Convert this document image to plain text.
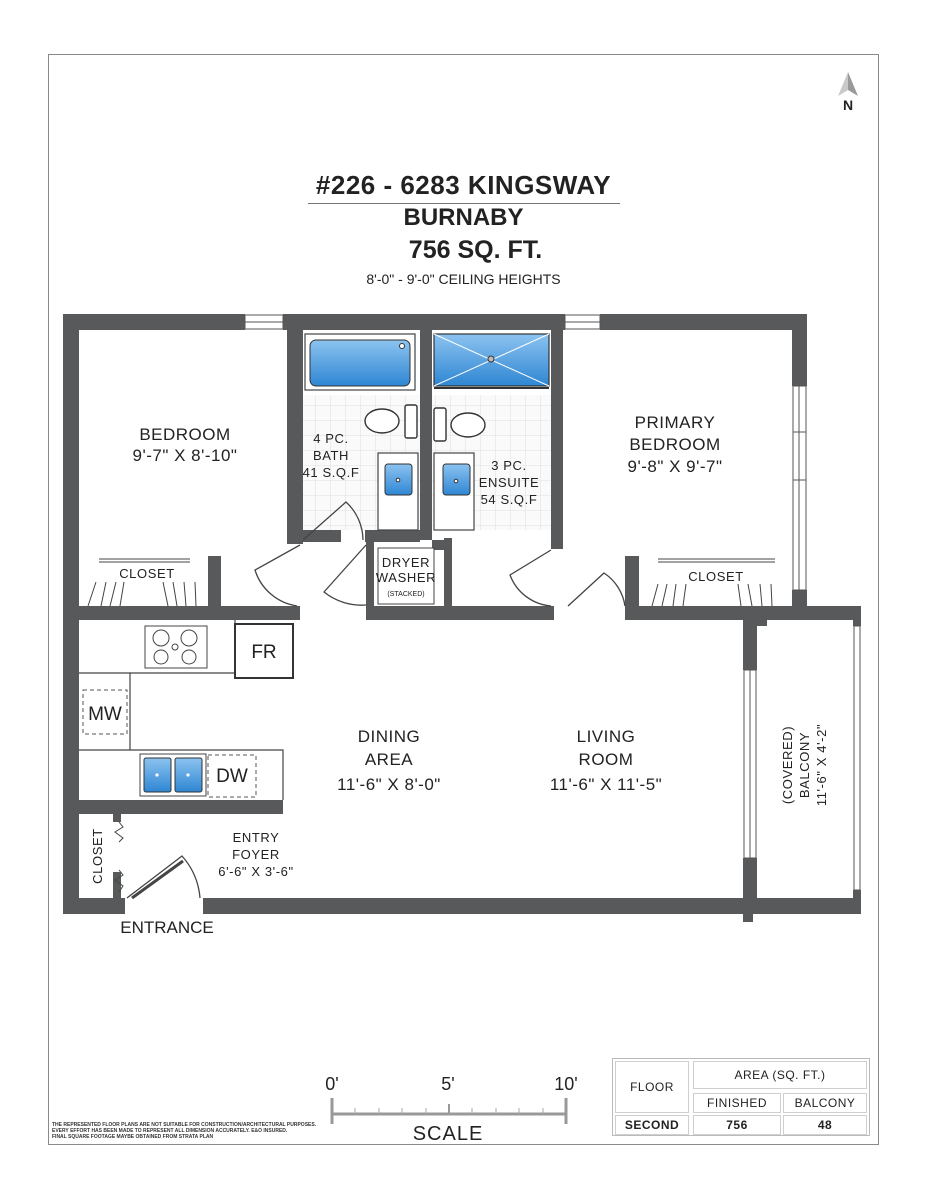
#226 - 6283 KINGSWAY
BURNABY
756 SQ. FT.
8'-0" - 9'-0" CEILING HEIGHTS
N
DRYER
WASHER
(STACKED)
FR
MW
DW
BEDROOM
9'-7" X 8'-10"
CLOSET
4 PC.
BATH
41 S.Q.F	3 PC.
ENSUITE
54 S.Q.F
PRIMARY
BEDROOM
9'-8" X 9'-7"
CLOSET
DINING
AREA
11'-6" X 8'-0"
LIVING
ROOM
11'-6" X 11'-5"	(COVERED) BALCONY 11'-6" X 4'-2"
ENTRY
FOYER
6'-6" X 3'-6"
CLOSET
ENTRANCE
0'	5'	10'
SCALE
THE REPRESENTED FLOOR PLANS ARE NOT SUITABLE FOR CONSTRUCTION/ARCHITECTURAL PURPOSES.
EVERY EFFORT HAS BEEN MADE TO REPRESENT ALL DIMENSION ACCURATELY. E&O INSURED.
FINAL SQUARE FOOTAGE MAYBE OBTAINED FROM STRATA PLAN
FLOOR
AREA (SQ. FT.)
FINISHED	BALCONY
SECOND	756	48
